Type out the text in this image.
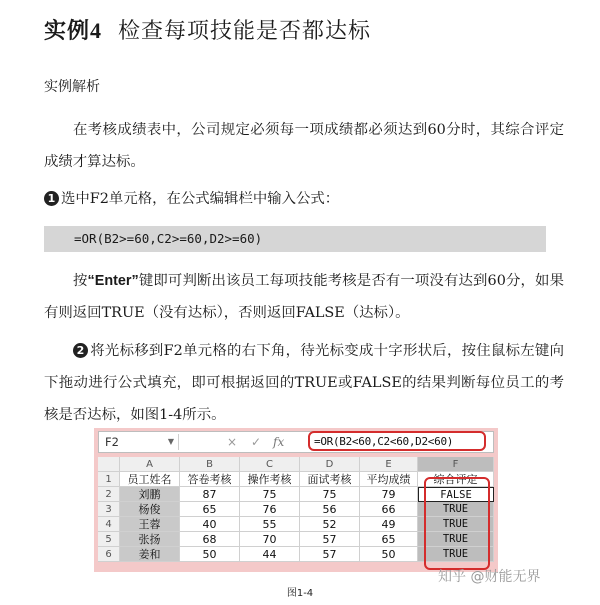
实例4 检查每项技能是否都达标
实例解析
在考核成绩表中，公司规定必须每一项成绩都必须达到60分时，其综合评定成绩才算达标。
1 选中F2单元格，在公式编辑栏中输入公式：
=OR(B2>=60,C2>=60,D2>=60)
按“Enter”键即可判断出该员工每项技能考核是否有一项没有达到60分，如果有则返回TRUE（没有达标），否则返回FALSE（达标）。
2 将光标移到F2单元格的右下角，待光标变成十字形状后，按住鼠标左键向下拖动进行公式填充，即可根据返回的TRUE或FALSE的结果判断每位员工的考核是否达标，如图1-4所示。
F2	▼	× ✓ fx	=OR(B2<60,C2<60,D2<60)
A	B	C	D	E	F
1	员工姓名	答卷考核	操作考核	面试考核	平均成绩	综合评定
2	刘鹏	87	75	75	79	FALSE
3	杨俊	65	76	56	66	TRUE
4	王蓉	40	55	52	49	TRUE
5	张扬	68	70	57	65	TRUE
6	姜和	50	44	57	50	TRUE
知乎 @财能无界
图1-4
